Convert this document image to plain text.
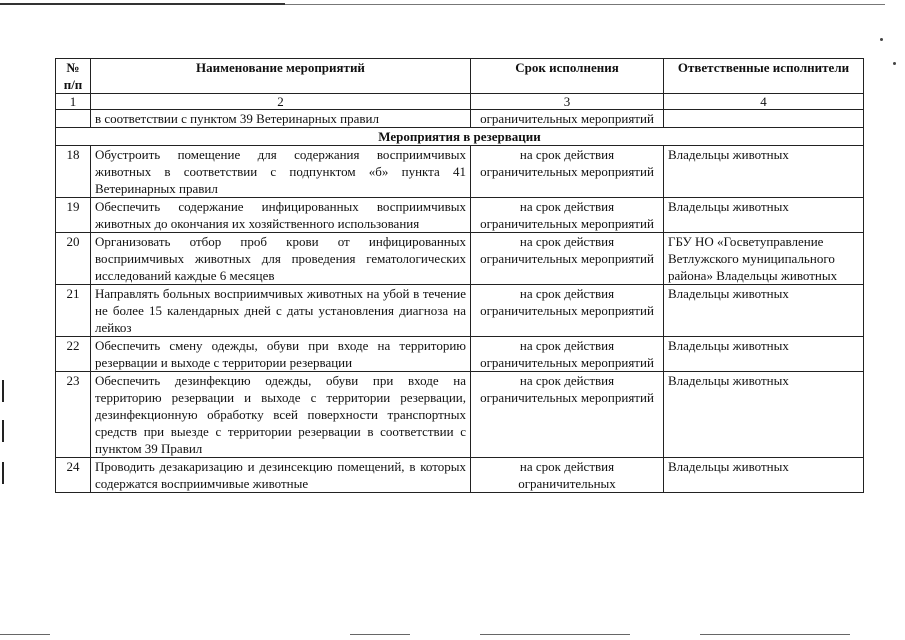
№ п/п	Наименование мероприятий	Срок исполнения	Ответственные исполнители
1	2	3	4
	в соответствии с пунктом 39 Ветеринарных правил	ограничительных мероприятий	
Мероприятия в резервации			
18	Обустроить помещение для содержания восприимчивых животных в соответствии с подпунктом «б» пункта 41 Ветеринарных правил	на срок действия ограничительных мероприятий	Владельцы животных
19	Обеспечить содержание инфицированных восприимчивых животных до окончания их хозяйственного использования	на срок действия ограничительных мероприятий	Владельцы животных
20	Организовать отбор проб крови от инфицированных восприимчивых животных для проведения гематологических исследований каждые 6 месяцев	на срок действия ограничительных мероприятий	ГБУ НО «Госветуправление Ветлужского муниципального района» Владельцы животных
21	Направлять больных восприимчивых животных на убой в течение не более 15 календарных дней с даты установления диагноза на лейкоз	на срок действия ограничительных мероприятий	Владельцы животных
22	Обеспечить смену одежды, обуви при входе на территорию резервации и выходе с территории резервации	на срок действия ограничительных мероприятий	Владельцы животных
23	Обеспечить дезинфекцию одежды, обуви при входе на территорию резервации и выходе с территории резервации, дезинфекционную обработку всей поверхности транспортных средств при выезде с территории резервации в соответствии с пунктом 39 Правил	на срок действия ограничительных мероприятий	Владельцы животных
24	Проводить дезакаризацию и дезинсекцию помещений, в которых содержатся восприимчивые животные	на срок действия ограничительных	Владельцы животных
